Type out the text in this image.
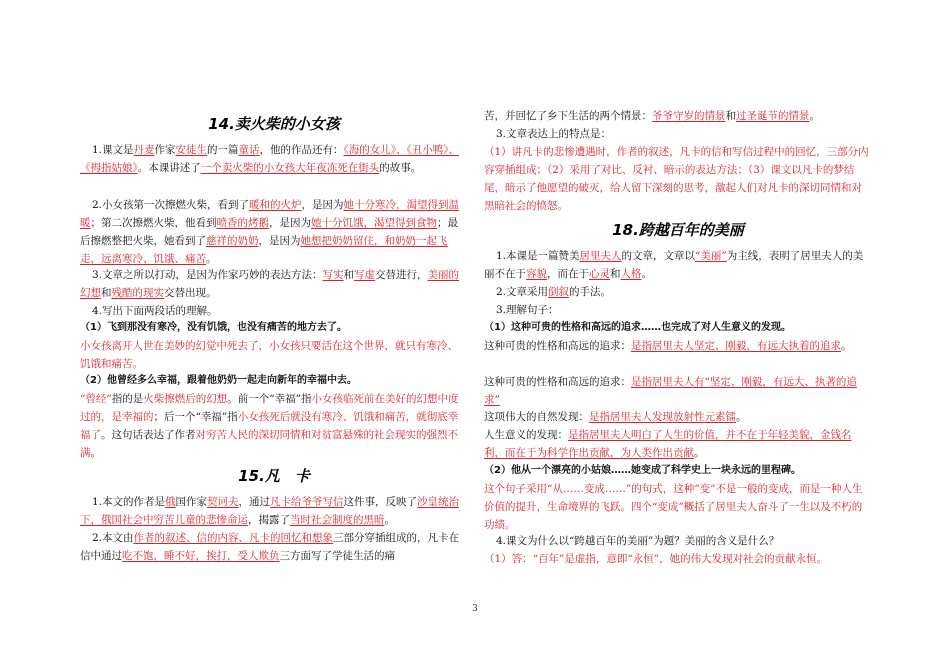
14.卖火柴的小女孩

1.课文是丹麦作家安徒生的一篇童话，他的作品还有：《海的女儿》、《丑小鸭》、《拇指姑娘》。本课讲述了一个卖火柴的小女孩大年夜冻死在街头的故事。

2.小女孩第一次擦燃火柴，看到了暖和的火炉，是因为她十分寒冷，渴望得到温暖；第二次擦燃火柴，他看到喷香的烤鹅，是因为她十分饥饿，渴望得到食物；最后擦燃整把火柴，她看到了慈祥的奶奶，是因为她想把奶奶留住，和奶奶一起飞走，远离寒冷、饥饿、痛苦。

3.文章之所以打动，是因为作家巧妙的表达方法：写实和写虚交替进行，美丽的幻想和残酷的现实交替出现。

4.写出下面两段话的理解。

（1）飞到那没有寒冷，没有饥饿，也没有痛苦的地方去了。

小女孩离开人世在美妙的幻觉中死去了，小女孩只要活在这个世界，就只有寒冷、饥饿和痛苦。

（2）他曾经多么幸福，跟着他奶奶一起走向新年的幸福中去。

“曾经”指的是火柴擦燃后的幻想。前一个“幸福”指小女孩临死前在美好的幻想中度过的，是幸福的；后一个“幸福”指小女孩死后就没有寒冷、饥饿和痛苦，就彻底幸福了。这句话表达了作者对穷苦人民的深切同情和对贫富悬殊的社会现实的强烈不满。

15.凡　卡

1.本文的作者是俄国作家契诃夫，通过凡卡给爷爷写信这件事，反映了沙皇统治下，俄国社会中穷苦儿童的悲惨命运，揭露了当时社会制度的黑暗。

2.本文由作者的叙述、信的内容、凡卡的回忆和想象三部分穿插组成的，凡卡在信中通过吃不饱，睡不好，挨打，受人欺负三方面写了学徒生活的痛

苦，并回忆了乡下生活的两个情景：爷爷守岁的情景和过圣诞节的情景。

3.文章表达上的特点是：

（1）讲凡卡的悲惨遭遇时，作者的叙述，凡卡的信和写信过程中的回忆，三部分内容穿插组成；（2）采用了对比、反衬、暗示的表达方法；（3）课文以凡卡的梦结尾，暗示了他愿望的破灭，给人留下深刻的思考，激起人们对凡卡的深切同情和对黑暗社会的愤怒。

18.跨越百年的美丽

1.本课是一篇赞美居里夫人的文章，文章以“美丽”为主线，表明了居里夫人的美丽不在于容貌，而在于心灵和人格。

2.文章采用倒叙的手法。

3.理解句子：

（1）这种可贵的性格和高远的追求……也完成了对人生意义的发现。

这种可贵的性格和高远的追求：是指居里夫人坚定、刚毅，有远大执着的追求。

这种可贵的性格和高远的追求：是指居里夫人有“坚定、刚毅，有远大、执著的追求”

这项伟大的自然发现：是指居里夫人发现放射性元素镭。

人生意义的发现：是指居里夫人明白了人生的价值，并不在于年轻美貌，金钱名利，而在于为科学作出贡献，为人类作出贡献。

（2）他从一个漂亮的小姑娘……她变成了科学史上一块永远的里程碑。

这个句子采用“从……变成……”的句式，这种“变”不是一般的变成，而是一种人生价值的提升，生命境界的飞跃。四个“变成”概括了居里夫人奋斗了一生以及不朽的功绩。

4.课文为什么以“跨越百年的美丽”为题？美丽的含义是什么？

（1）答：“百年”是虚指，意即“永恒”，她的伟大发现对社会的贡献永恒。

3
